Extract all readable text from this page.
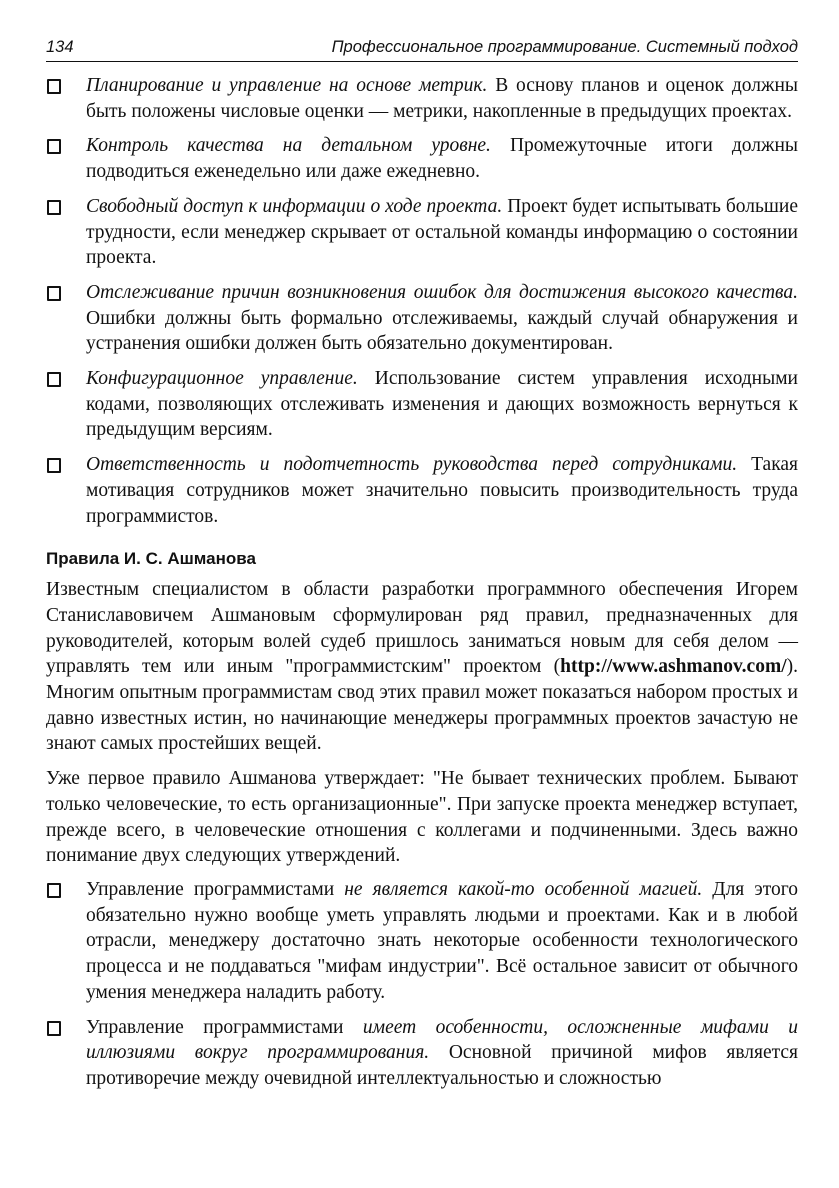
134	Профессиональное программирование. Системный подход
Планирование и управление на основе метрик. В основу планов и оценок должны быть положены числовые оценки — метрики, накопленные в предыдущих проектах.
Контроль качества на детальном уровне. Промежуточные итоги должны подводиться еженедельно или даже ежедневно.
Свободный доступ к информации о ходе проекта. Проект будет испытывать большие трудности, если менеджер скрывает от остальной команды информацию о состоянии проекта.
Отслеживание причин возникновения ошибок для достижения высокого качества. Ошибки должны быть формально отслеживаемы, каждый случай обнаружения и устранения ошибки должен быть обязательно документирован.
Конфигурационное управление. Использование систем управления исходными кодами, позволяющих отслеживать изменения и дающих возможность вернуться к предыдущим версиям.
Ответственность и подотчетность руководства перед сотрудниками. Такая мотивация сотрудников может значительно повысить производительность труда программистов.
Правила И. С. Ашманова

Известным специалистом в области разработки программного обеспечения Игорем Станиславовичем Ашмановым сформулирован ряд правил, предназначенных для руководителей, которым волей судеб пришлось заниматься новым для себя делом — управлять тем или иным "программистским" проектом (http://www.ashmanov.com/). Многим опытным программистам свод этих правил может показаться набором простых и давно известных истин, но начинающие менеджеры программных проектов зачастую не знают самых простейших вещей.

Уже первое правило Ашманова утверждает: "Не бывает технических проблем. Бывают только человеческие, то есть организационные". При запуске проекта менеджер вступает, прежде всего, в человеческие отношения с коллегами и подчиненными. Здесь важно понимание двух следующих утверждений.

Управление программистами не является какой-то особенной магией. Для этого обязательно нужно вообще уметь управлять людьми и проектами. Как и в любой отрасли, менеджеру достаточно знать некоторые особенности технологического процесса и не поддаваться "мифам индустрии". Всё остальное зависит от обычного умения менеджера наладить работу.
Управление программистами имеет особенности, осложненные мифами и иллюзиями вокруг программирования. Основной причиной мифов является противоречие между очевидной интеллектуальностью и сложностью
